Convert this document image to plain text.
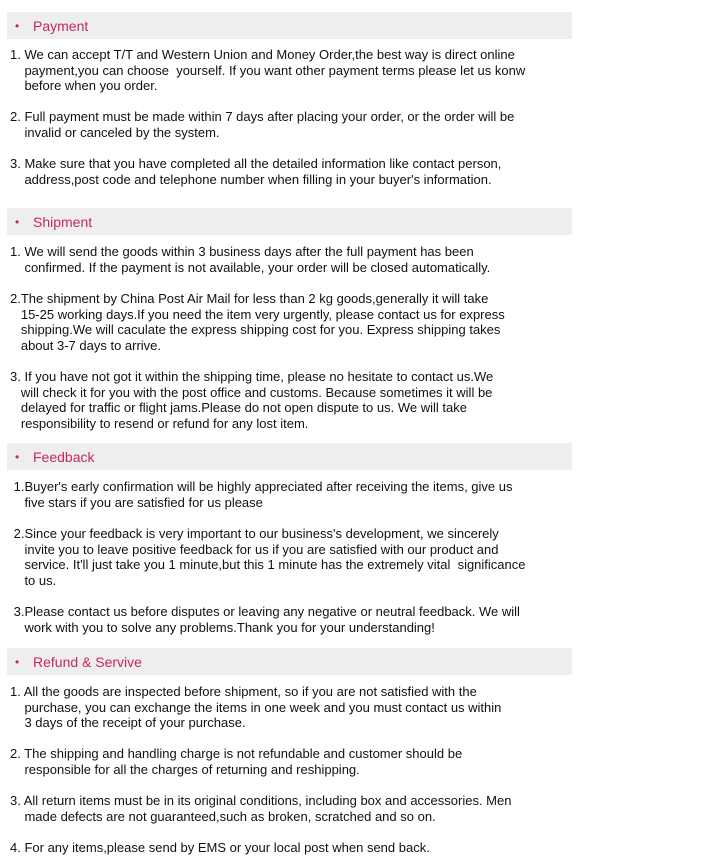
• Payment
1. We can accept T/T and Western Union and Money Order,the best way is direct online
payment,you can choose  yourself. If you want other payment terms please let us konw
before when you order.
2. Full payment must be made within 7 days after placing your order, or the order will be
invalid or canceled by the system.
3. Make sure that you have completed all the detailed information like contact person,
address,post code and telephone number when filling in your buyer's information.
• Shipment
1. We will send the goods within 3 business days after the full payment has been
confirmed. If the payment is not available, your order will be closed automatically.
2.The shipment by China Post Air Mail for less than 2 kg goods,generally it will take
15-25 working days.If you need the item very urgently, please contact us for express
shipping.We will caculate the express shipping cost for you. Express shipping takes
about 3-7 days to arrive.
3. If you have not got it within the shipping time, please no hesitate to contact us.We
will check it for you with the post office and customs. Because sometimes it will be
delayed for traffic or flight jams.Please do not open dispute to us. We will take
responsibility to resend or refund for any lost item.
• Feedback
1.Buyer's early confirmation will be highly appreciated after receiving the items, give us
five stars if you are satisfied for us please
2.Since your feedback is very important to our business's development, we sincerely
invite you to leave positive feedback for us if you are satisfied with our product and
service. It'll just take you 1 minute,but this 1 minute has the extremely vital  significance
to us.
3.Please contact us before disputes or leaving any negative or neutral feedback. We will
work with you to solve any problems.Thank you for your understanding!
• Refund & Servive
1. All the goods are inspected before shipment, so if you are not satisfied with the
purchase, you can exchange the items in one week and you must contact us within
3 days of the receipt of your purchase.
2. The shipping and handling charge is not refundable and customer should be
responsible for all the charges of returning and reshipping.
3. All return items must be in its original conditions, including box and accessories. Men
made defects are not guaranteed,such as broken, scratched and so on.
4. For any items,please send by EMS or your local post when send back.
